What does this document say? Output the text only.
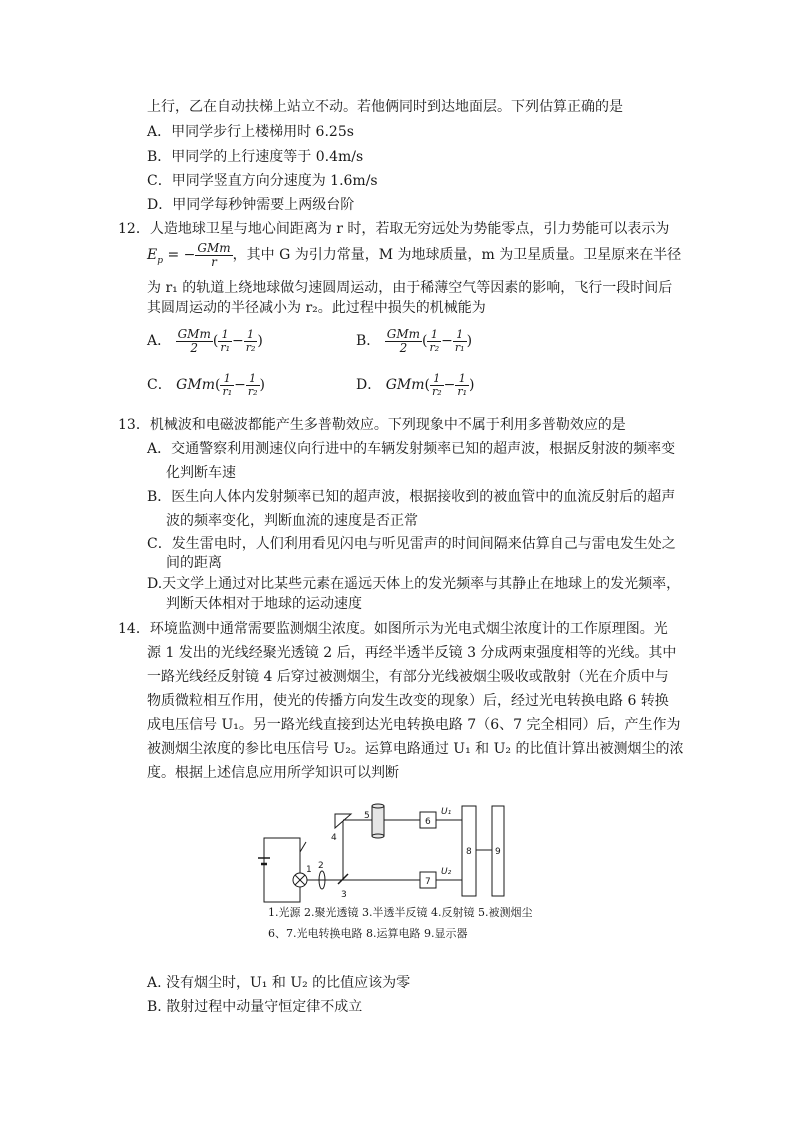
上行，乙在自动扶梯上站立不动。若他俩同时到达地面层。下列估算正确的是
A．甲同学步行上楼梯用时 6.25s
B．甲同学的上行速度等于 0.4m/s
C．甲同学竖直方向分速度为 1.6m/s
D．甲同学每秒钟需要上两级台阶
12．人造地球卫星与地心间距离为 r 时，若取无穷远处为势能零点，引力势能可以表示为
$E_p$ = − $\frac{\text{GMm}}{r}$ ，其中 G 为引力常量，M 为地球质量，m 为卫星质量。卫星原来在半径
为 r₁ 的轨道上绕地球做匀速圆周运动，由于稀薄空气等因素的影响，飞行一段时间后
其圆周运动的半径减小为 r₂。此过程中损失的机械能为
A． $\frac{\text{GMm}}{2}$ ( $\frac{1}{\text{r₁}} - \frac{1}{\text{r₂}}$ )	B． $\frac{\text{GMm}}{2}$ ( $\frac{1}{\text{r₂}} - \frac{1}{\text{r₁}}$ )
C． $GMm( \frac{1}{\text{r₁}} - \frac{1}{\text{r₂}}$ )	D． $GMm( \frac{1}{\text{r₂}} - \frac{1}{\text{r₁}}$ )
13．机械波和电磁波都能产生多普勒效应。下列现象中不属于利用多普勒效应的是
A．交通警察利用测速仪向行进中的车辆发射频率已知的超声波，根据反射波的频率变
化判断车速
B．医生向人体内发射频率已知的超声波，根据接收到的被血管中的血流反射后的超声
波的频率变化，判断血流的速度是否正常
C．发生雷电时，人们利用看见闪电与听见雷声的时间间隔来估算自己与雷电发生处之
间的距离
D.天文学上通过对比某些元素在遥远天体上的发光频率与其静止在地球上的发光频率，
判断天体相对于地球的运动速度
14．环境监测中通常需要监测烟尘浓度。如图所示为光电式烟尘浓度计的工作原理图。光
源 1 发出的光线经聚光透镜 2 后，再经半透半反镜 3 分成两束强度相等的光线。其中
一路光线经反射镜 4 后穿过被测烟尘，有部分光线被烟尘吸收或散射（光在介质中与
物质微粒相互作用，使光的传播方向发生改变的现象）后，经过光电转换电路 6 转换
成电压信号 U₁。另一路光线直接到达光电转换电路 7（6、7 完全相同）后，产生作为
被测烟尘浓度的参比电压信号 U₂。运算电路通过 U₁ 和 U₂ 的比值计算出被测烟尘的浓
度。根据上述信息应用所学知识可以判断
1 2
3
4
5
6
7
8	9
U₁
U₂
1.光源 2.聚光透镜 3.半透半反镜 4.反射镜 5.被测烟尘
6、7.光电转换电路 8.运算电路 9.显示器
A. 没有烟尘时，U₁ 和 U₂ 的比值应该为零
B. 散射过程中动量守恒定律不成立
